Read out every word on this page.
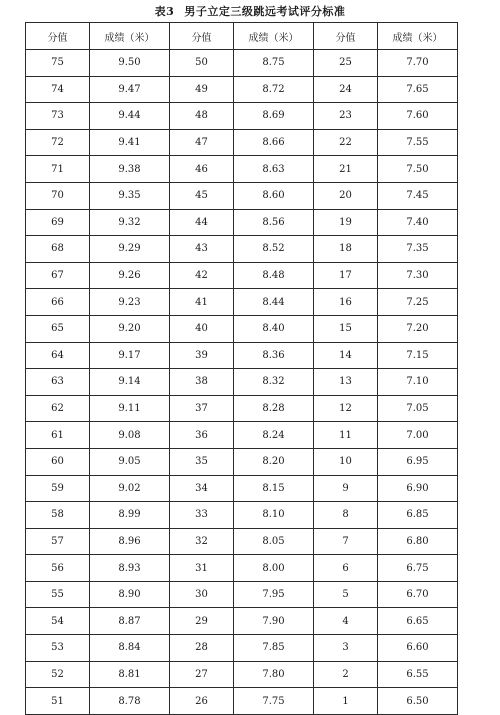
表3 男子立定三级跳远考试评分标准
分值	成绩（米）	分值	成绩（米）	分值	成绩（米）
75	9.50	50	8.75	25	7.70
74	9.47	49	8.72	24	7.65
73	9.44	48	8.69	23	7.60
72	9.41	47	8.66	22	7.55
71	9.38	46	8.63	21	7.50
70	9.35	45	8.60	20	7.45
69	9.32	44	8.56	19	7.40
68	9.29	43	8.52	18	7.35
67	9.26	42	8.48	17	7.30
66	9.23	41	8.44	16	7.25
65	9.20	40	8.40	15	7.20
64	9.17	39	8.36	14	7.15
63	9.14	38	8.32	13	7.10
62	9.11	37	8.28	12	7.05
61	9.08	36	8.24	11	7.00
60	9.05	35	8.20	10	6.95
59	9.02	34	8.15	9	6.90
58	8.99	33	8.10	8	6.85
57	8.96	32	8.05	7	6.80
56	8.93	31	8.00	6	6.75
55	8.90	30	7.95	5	6.70
54	8.87	29	7.90	4	6.65
53	8.84	28	7.85	3	6.60
52	8.81	27	7.80	2	6.55
51	8.78	26	7.75	1	6.50
